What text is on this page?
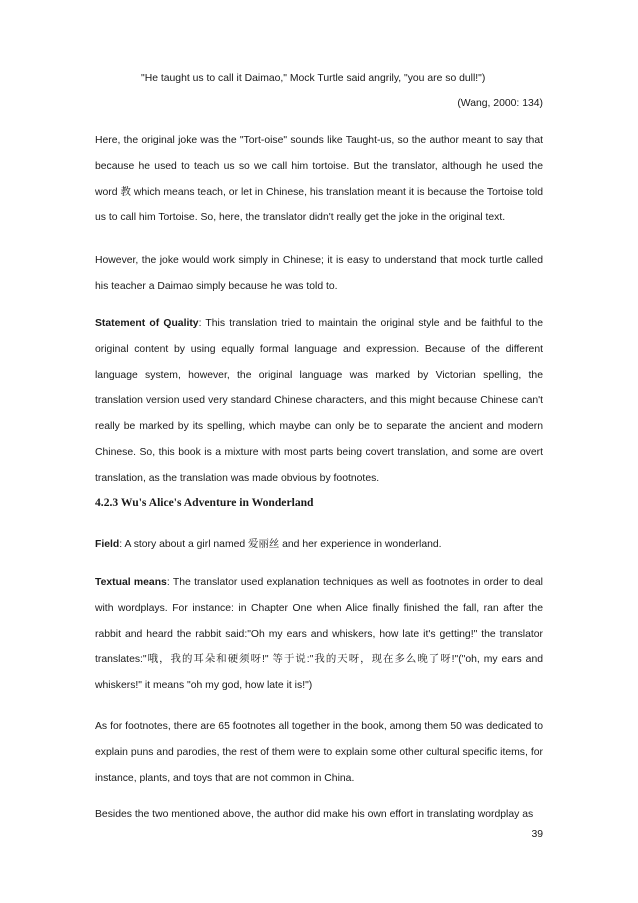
"He taught us to call it Daimao," Mock Turtle said angrily, "you are so dull!")
(Wang, 2000: 134)

Here, the original joke was the "Tort-oise" sounds like Taught-us, so the author meant to say that because he used to teach us so we call him tortoise. But the translator, although he used the word 教 which means teach, or let in Chinese, his translation meant it is because the Tortoise told us to call him Tortoise. So, here, the translator didn't really get the joke in the original text.

However, the joke would work simply in Chinese; it is easy to understand that mock turtle called his teacher a Daimao simply because he was told to.

Statement of Quality: This translation tried to maintain the original style and be faithful to the original content by using equally formal language and expression. Because of the different language system, however, the original language was marked by Victorian spelling, the translation version used very standard Chinese characters, and this might because Chinese can't really be marked by its spelling, which maybe can only be to separate the ancient and modern Chinese. So, this book is a mixture with most parts being covert translation, and some are overt translation, as the translation was made obvious by footnotes.

4.2.3 Wu's Alice's Adventure in Wonderland

Field: A story about a girl named 爱丽丝 and her experience in wonderland.

Textual means: The translator used explanation techniques as well as footnotes in order to deal with wordplays. For instance: in Chapter One when Alice finally finished the fall, ran after the rabbit and heard the rabbit said:"Oh my ears and whiskers, how late it's getting!" the translator translates:"哦，我的耳朵和硬须呀!" 等于说:"我的天呀，现在多么晚了呀!"("oh, my ears and whiskers!" it means "oh my god, how late it is!")

As for footnotes, there are 65 footnotes all together in the book, among them 50 was dedicated to explain puns and parodies, the rest of them were to explain some other cultural specific items, for instance, plants, and toys that are not common in China.

Besides the two mentioned above, the author did make his own effort in translating wordplay as

39
